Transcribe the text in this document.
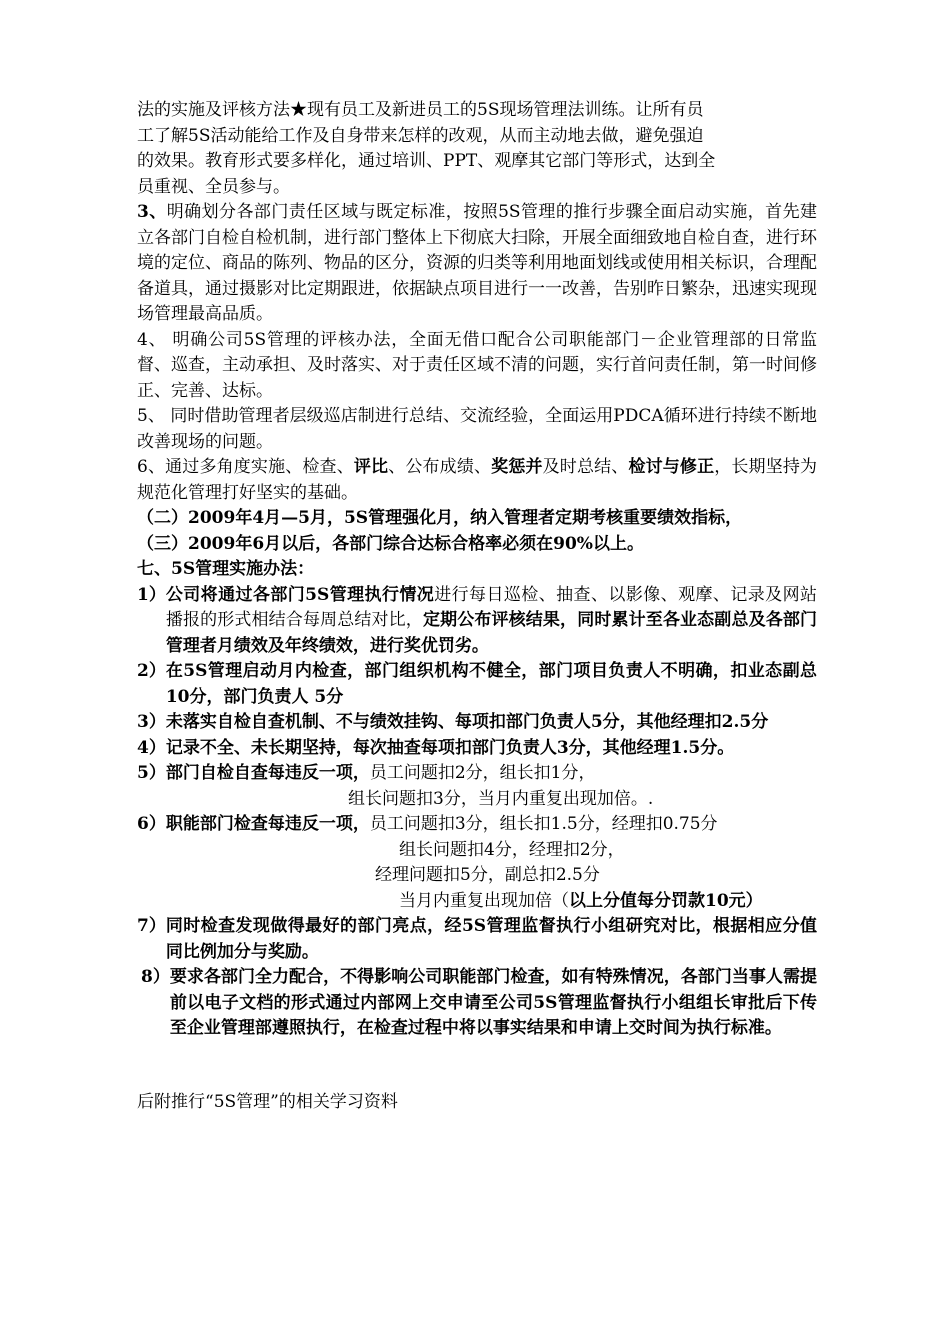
法的实施及评核方法★现有员工及新进员工的5S现场管理法训练。让所有员
工了解5S活动能给工作及自身带来怎样的改观，从而主动地去做，避免强迫
的效果。教育形式要多样化，通过培训、PPT、观摩其它部门等形式，达到全
员重视、全员参与。

3、明确划分各部门责任区域与既定标准，按照5S管理的推行步骤全面启动实施，首先建立各部门自检自检机制，进行部门整体上下彻底大扫除，开展全面细致地自检自查，进行环境的定位、商品的陈列、物品的区分，资源的归类等利用地面划线或使用相关标识，合理配备道具，通过摄影对比定期跟进，依据缺点项目进行一一改善，告别昨日繁杂，迅速实现现场管理最高品质。

4、 明确公司5S管理的评核办法，全面无借口配合公司职能部门－企业管理部的日常监督、巡查，主动承担、及时落实、对于责任区域不清的问题，实行首问责任制，第一时间修正、完善、达标。

5、 同时借助管理者层级巡店制进行总结、交流经验，全面运用PDCA循环进行持续不断地改善现场的问题。

6、通过多角度实施、检查、评比、公布成绩、奖惩并及时总结、检讨与修正，长期坚持为规范化管理打好坚实的基础。

（二）2009年4月—5月，5S管理强化月，纳入管理者定期考核重要绩效指标，

（三）2009年6月以后，各部门综合达标合格率必须在90%以上。

七、5S管理实施办法：

1） 公司将通过各部门5S管理执行情况进行每日巡检、抽查、以影像、观摩、记录及网站播报的形式相结合每周总结对比，定期公布评核结果，同时累计至各业态副总及各部门管理者月绩效及年终绩效，进行奖优罚劣。
2） 在5S管理启动月内检查，部门组织机构不健全，部门项目负责人不明确，扣业态副总10分，部门负责人 5分
3） 未落实自检自查机制、不与绩效挂钩、每项扣部门负责人5分，其他经理扣2.5分
4） 记录不全、未长期坚持，每次抽查每项扣部门负责人3分，其他经理1.5分。
5） 部门自检自查每违反一项，员工问题扣2分，组长扣1分，

组长问题扣3分，当月内重复出现加倍。.

6） 职能部门检查每违反一项，员工问题扣3分，组长扣1.5分，经理扣0.75分

组长问题扣4分，经理扣2分，

经理问题扣5分，副总扣2.5分

当月内重复出现加倍（以上分值每分罚款10元）

7） 同时检查发现做得最好的部门亮点，经5S管理监督执行小组研究对比，根据相应分值同比例加分与奖励。
8） 要求各部门全力配合，不得影响公司职能部门检查，如有特殊情况，各部门当事人需提前以电子文档的形式通过内部网上交申请至公司5S管理监督执行小组组长审批后下传至企业管理部遵照执行，在检查过程中将以事实结果和申请上交时间为执行标准。

后附推行“5S管理”的相关学习资料
